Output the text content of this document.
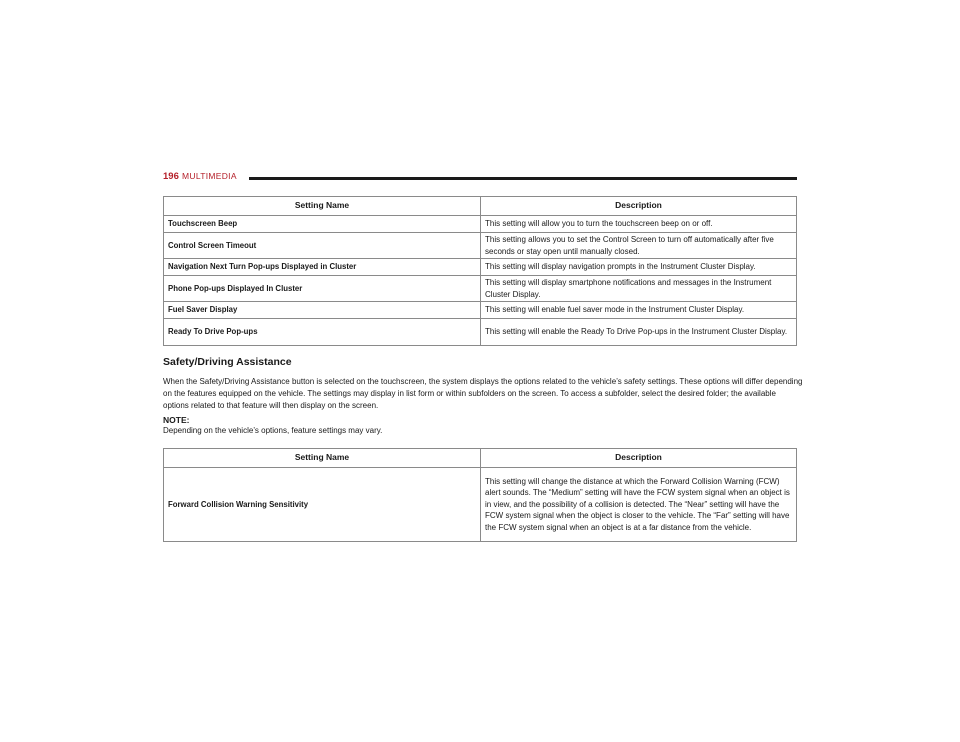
196 MULTIMEDIA
Setting Name	Description
Touchscreen Beep	This setting will allow you to turn the touchscreen beep on or off.
Control Screen Timeout	This setting allows you to set the Control Screen to turn off automatically after five seconds or stay open until manually closed.
Navigation Next Turn Pop-ups Displayed in Cluster	This setting will display navigation prompts in the Instrument Cluster Display.
Phone Pop-ups Displayed In Cluster	This setting will display smartphone notifications and messages in the Instrument Cluster Display.
Fuel Saver Display	This setting will enable fuel saver mode in the Instrument Cluster Display.
Ready To Drive Pop-ups	This setting will enable the Ready To Drive Pop-ups in the Instrument Cluster Display.
Safety/Driving Assistance

When the Safety/Driving Assistance button is selected on the touchscreen, the system displays the options related to the vehicle’s safety settings. These options will differ depending on the features equipped on the vehicle. The settings may display in list form or within subfolders on the screen. To access a subfolder, select the desired folder; the available options related to that feature will then display on the screen.

NOTE:
Depending on the vehicle’s options, feature settings may vary.
Setting Name	Description
Forward Collision Warning Sensitivity	This setting will change the distance at which the Forward Collision Warning (FCW) alert sounds. The “Medium” setting will have the FCW system signal when an object is in view, and the possibility of a collision is detected. The “Near” setting will have the FCW system signal when the object is closer to the vehicle. The “Far” setting will have the FCW system signal when an object is at a far distance from the vehicle.
